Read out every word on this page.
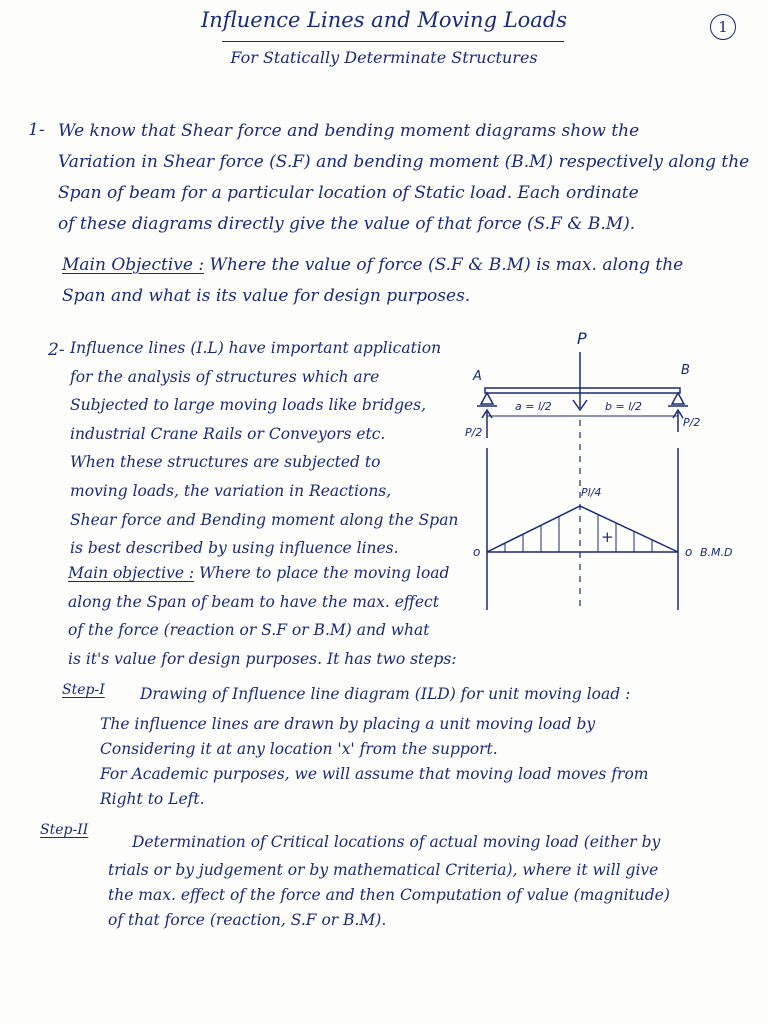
Influence Lines and Moving Loads
For Statically Determinate Structures
1
1- We know that Shear force and bending moment diagrams show the
Variation in Shear force (S.F) and bending moment (B.M) respectively along the
Span of beam for a particular location of Static load. Each ordinate
of these diagrams directly give the value of that force (S.F & B.M).
Main Objective : Where the value of force (S.F & B.M) is max. along the
Span and what is its value for design purposes.
2- Influence lines (I.L) have important application
for the analysis of structures which are
Subjected to large moving loads like bridges,
industrial Crane Rails or Conveyors etc.
When these structures are subjected to
moving loads, the variation in Reactions,
Shear force and Bending moment along the Span
is best described by using influence lines.
Main objective : Where to place the moving load
along the Span of beam to have the max. effect
of the force (reaction or S.F or B.M) and what
is it's value for design purposes. It has two steps:
P
A	B
a = l/2	b = l/2
P/2
P/2
Pl/4
+
o	o B.M.D
Step-I Drawing of Influence line diagram (ILD) for unit moving load :
The influence lines are drawn by placing a unit moving load by
Considering it at any location 'x' from the support.
For Academic purposes, we will assume that moving load moves from
Right to Left.
Step-II
Determination of Critical locations of actual moving load (either by
trials or by judgement or by mathematical Criteria), where it will give
the max. effect of the force and then Computation of value (magnitude)
of that force (reaction, S.F or B.M).
